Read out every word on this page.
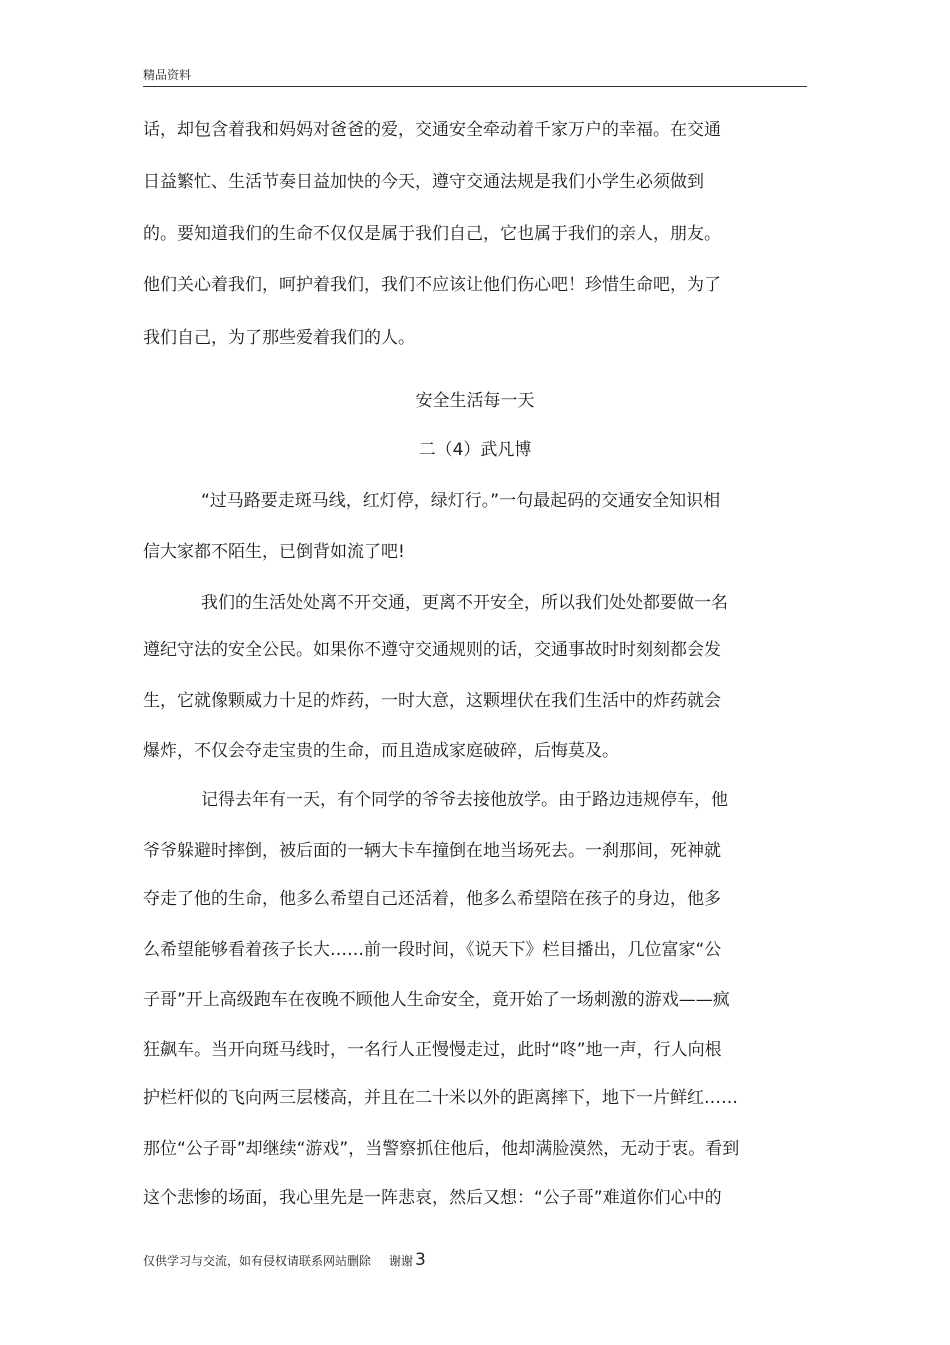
精品资料
话，却包含着我和妈妈对爸爸的爱，交通安全牵动着千家万户的幸福。在交通
日益繁忙、生活节奏日益加快的今天，遵守交通法规是我们小学生必须做到
的。要知道我们的生命不仅仅是属于我们自己，它也属于我们的亲人，朋友。
他们关心着我们，呵护着我们，我们不应该让他们伤心吧！珍惜生命吧，为了
我们自己，为了那些爱着我们的人。
安全生活每一天
二（4）武凡博
“过马路要走斑马线，红灯停，绿灯行。”一句最起码的交通安全知识相
信大家都不陌生，已倒背如流了吧!
我们的生活处处离不开交通，更离不开安全，所以我们处处都要做一名
遵纪守法的安全公民。如果你不遵守交通规则的话，交通事故时时刻刻都会发
生，它就像颗威力十足的炸药，一时大意，这颗埋伏在我们生活中的炸药就会
爆炸，不仅会夺走宝贵的生命，而且造成家庭破碎，后悔莫及。
记得去年有一天，有个同学的爷爷去接他放学。由于路边违规停车，他
爷爷躲避时摔倒，被后面的一辆大卡车撞倒在地当场死去。一刹那间，死神就
夺走了他的生命，他多么希望自己还活着，他多么希望陪在孩子的身边，他多
么希望能够看着孩子长大……前一段时间，《说天下》栏目播出，几位富家“公
子哥”开上高级跑车在夜晚不顾他人生命安全，竟开始了一场刺激的游戏——疯
狂飙车。当开向斑马线时，一名行人正慢慢走过，此时“咚”地一声，行人向根
护栏杆似的飞向两三层楼高，并且在二十米以外的距离摔下，地下一片鲜红……
那位“公子哥”却继续“游戏”，当警察抓住他后，他却满脸漠然，无动于衷。看到
这个悲惨的场面，我心里先是一阵悲哀，然后又想：“公子哥”难道你们心中的
仅供学习与交流，如有侵权请联系网站删除 谢谢 3
